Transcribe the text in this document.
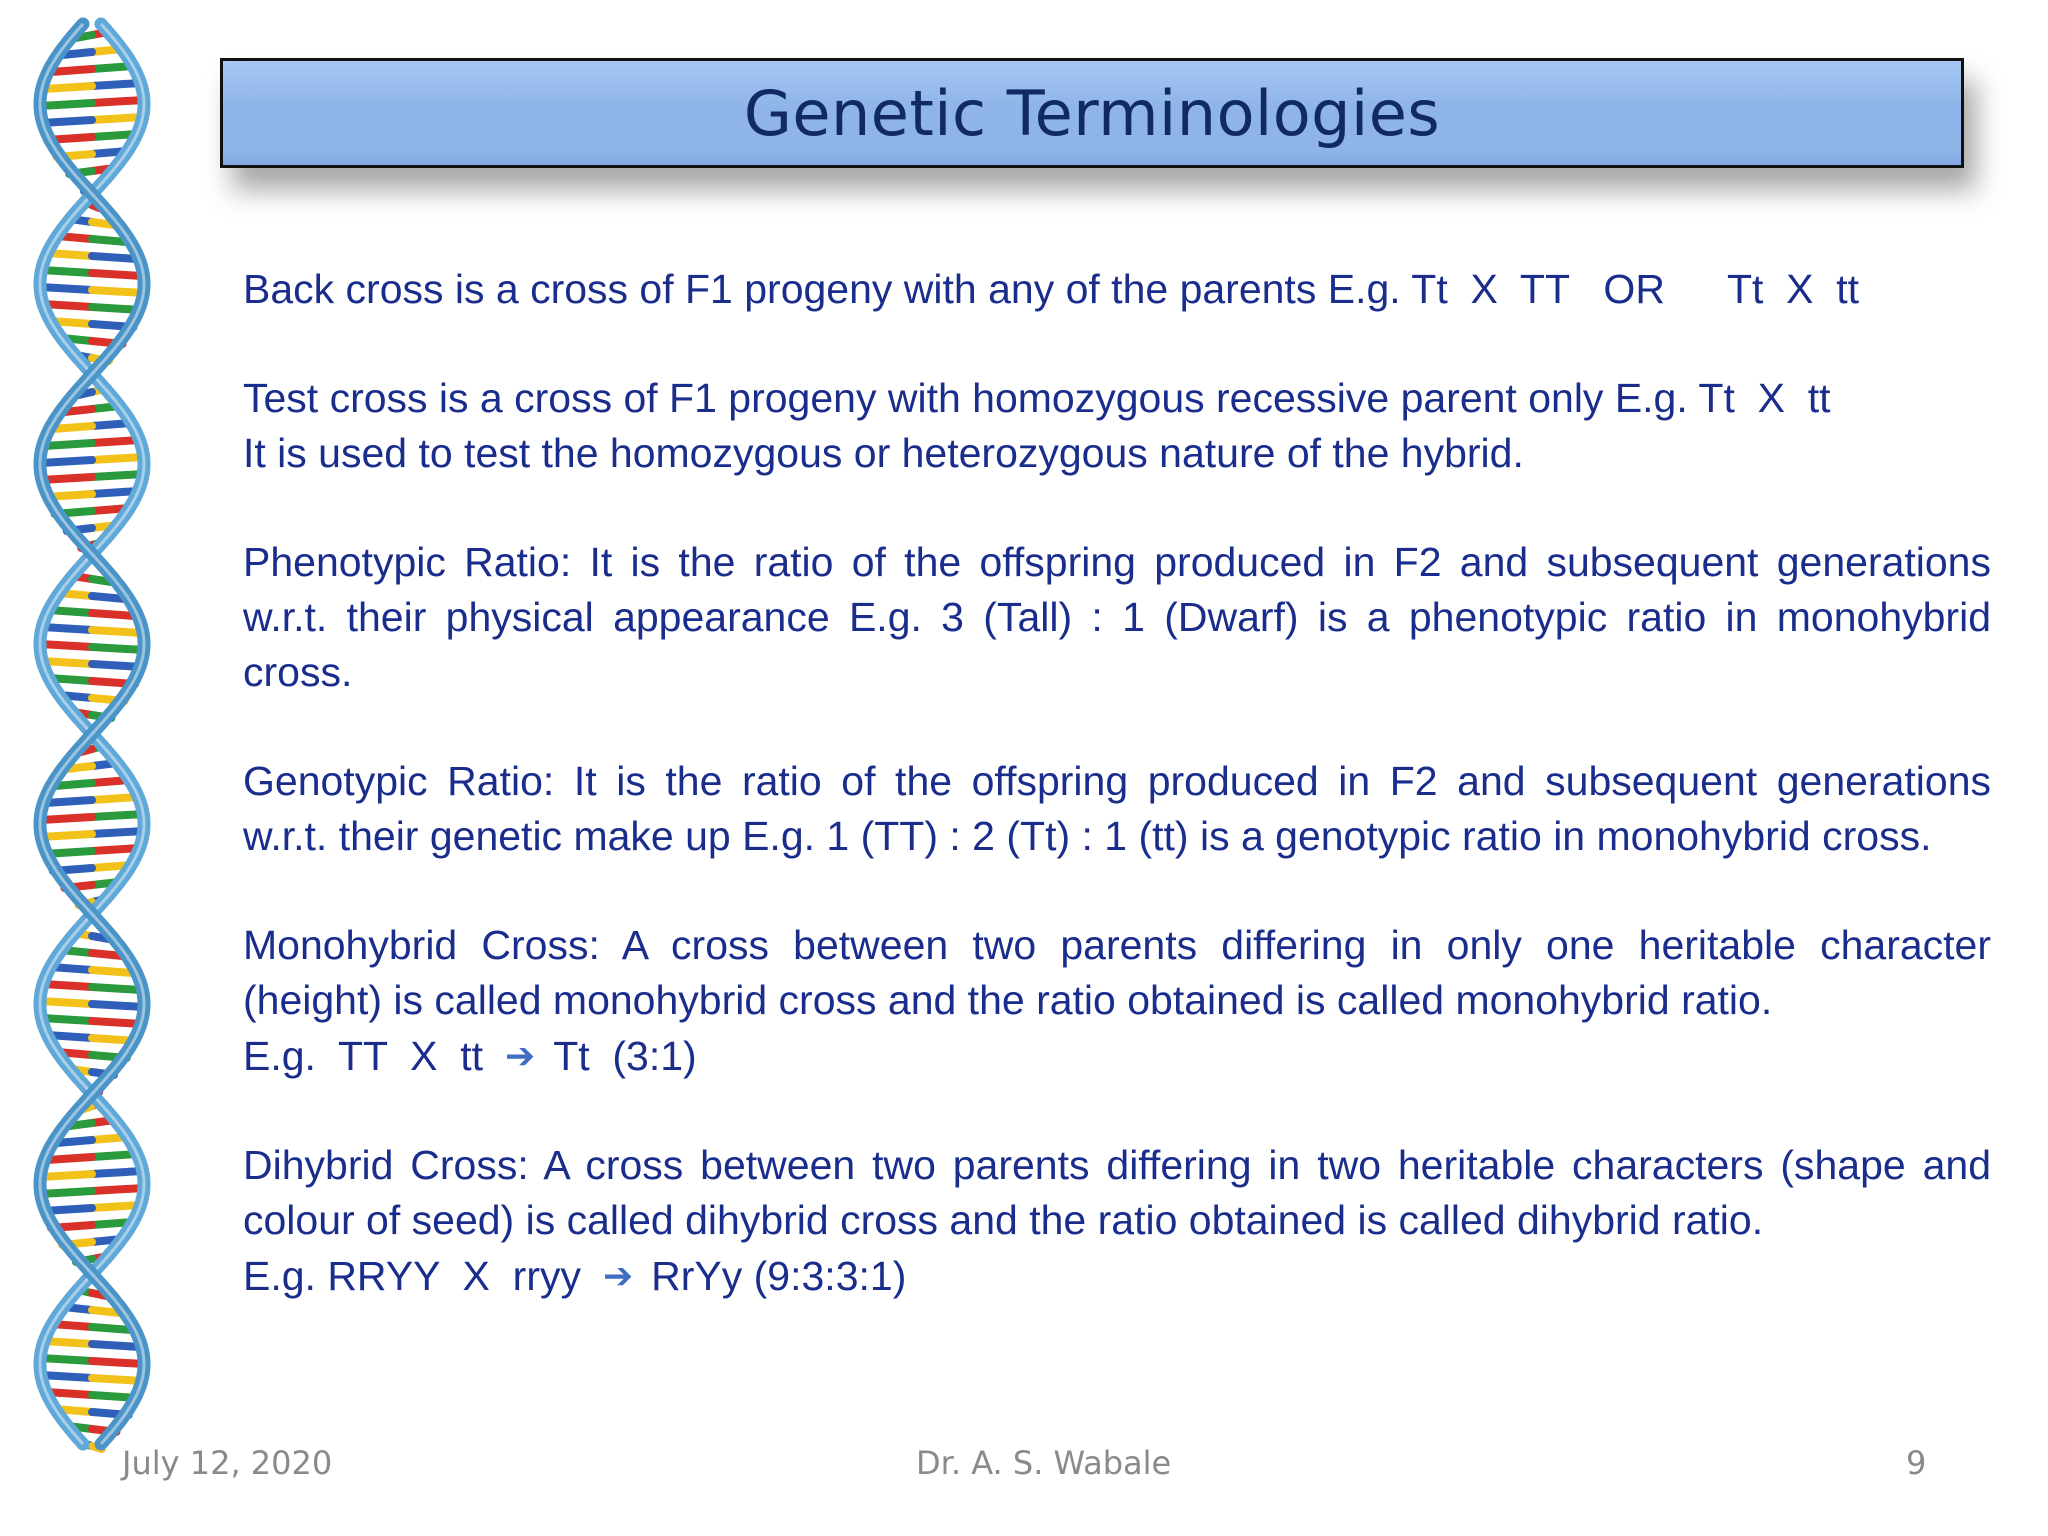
Genetic Terminologies
Back cross is a cross of F1 progeny with any of the parents E.g. Tt  X  TT   OR Tt  X  tt
Test cross is a cross of F1 progeny with homozygous recessive parent only E.g. Tt  X  tt
It is used to test the homozygous or heterozygous nature of the hybrid.
Phenotypic Ratio: It is the ratio of the offspring produced in F2 and subsequent generations
w.r.t. their physical appearance E.g. 3 (Tall) : 1 (Dwarf) is a phenotypic ratio in monohybrid
cross.
Genotypic Ratio: It is the ratio of the offspring produced in F2 and subsequent generations
w.r.t. their genetic make up E.g. 1 (TT) : 2 (Tt) : 1 (tt) is a genotypic ratio in monohybrid cross.
Monohybrid Cross: A cross between two parents differing in only one heritable character
(height) is called monohybrid cross and the ratio obtained is called monohybrid ratio.
E.g.  TT  X  tt ➔ Tt  (3:1)
Dihybrid Cross: A cross between two parents differing in two heritable characters (shape and
colour of seed) is called dihybrid cross and the ratio obtained is called dihybrid ratio.
E.g. RRYY  X  rryy ➔ RrYy (9:3:3:1)
July 12, 2020	Dr. A. S. Wabale	9
